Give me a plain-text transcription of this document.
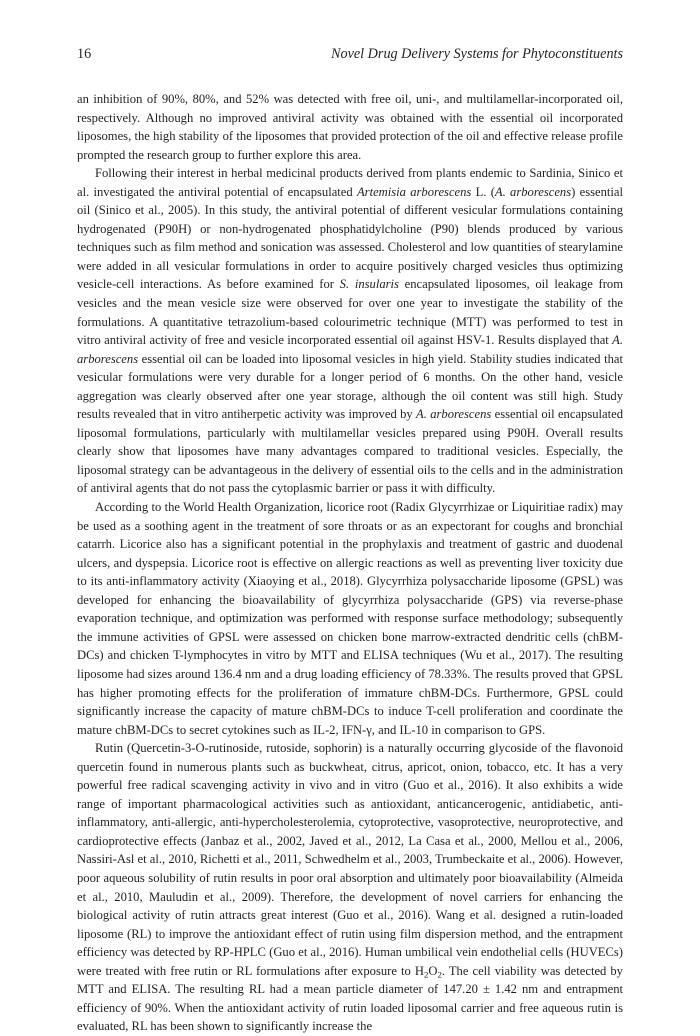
16	Novel Drug Delivery Systems for Phytoconstituents

an inhibition of 90%, 80%, and 52% was detected with free oil, uni-, and multilamellar-incorporated oil, respectively. Although no improved antiviral activity was obtained with the essential oil incorporated liposomes, the high stability of the liposomes that provided protection of the oil and effective release profile prompted the research group to further explore this area.

Following their interest in herbal medicinal products derived from plants endemic to Sardinia, Sinico et al. investigated the antiviral potential of encapsulated Artemisia arborescens L. (A. arborescens) essential oil (Sinico et al., 2005). In this study, the antiviral potential of different vesicular formulations containing hydrogenated (P90H) or non-hydrogenated phosphatidylcholine (P90) blends produced by various techniques such as film method and sonication was assessed. Cholesterol and low quantities of stearylamine were added in all vesicular formulations in order to acquire positively charged vesicles thus optimizing vesicle-cell interactions. As before examined for S. insularis encapsulated liposomes, oil leakage from vesicles and the mean vesicle size were observed for over one year to investigate the stability of the formulations. A quantitative tetrazolium-based colourimetric technique (MTT) was performed to test in vitro antiviral activity of free and vesicle incorporated essential oil against HSV-1. Results displayed that A. arborescens essential oil can be loaded into liposomal vesicles in high yield. Stability studies indicated that vesicular formulations were very durable for a longer period of 6 months. On the other hand, vesicle aggregation was clearly observed after one year storage, although the oil content was still high. Study results revealed that in vitro antiherpetic activity was improved by A. arborescens essential oil encapsulated liposomal formulations, particularly with multilamellar vesicles prepared using P90H. Overall results clearly show that liposomes have many advantages compared to traditional vesicles. Especially, the liposomal strategy can be advantageous in the delivery of essential oils to the cells and in the administration of antiviral agents that do not pass the cytoplasmic barrier or pass it with difficulty.

According to the World Health Organization, licorice root (Radix Glycyrrhizae or Liquiritiae radix) may be used as a soothing agent in the treatment of sore throats or as an expectorant for coughs and bronchial catarrh. Licorice also has a significant potential in the prophylaxis and treatment of gastric and duodenal ulcers, and dyspepsia. Licorice root is effective on allergic reactions as well as preventing liver toxicity due to its anti-inflammatory activity (Xiaoying et al., 2018). Glycyrrhiza polysaccharide liposome (GPSL) was developed for enhancing the bioavailability of glycyrrhiza polysaccharide (GPS) via reverse-phase evaporation technique, and optimization was performed with response surface methodology; subsequently the immune activities of GPSL were assessed on chicken bone marrow-extracted dendritic cells (chBM-DCs) and chicken T-lymphocytes in vitro by MTT and ELISA techniques (Wu et al., 2017). The resulting liposome had sizes around 136.4 nm and a drug loading efficiency of 78.33%. The results proved that GPSL has higher promoting effects for the proliferation of immature chBM-DCs. Furthermore, GPSL could significantly increase the capacity of mature chBM-DCs to induce T-cell proliferation and coordinate the mature chBM-DCs to secret cytokines such as IL-2, IFN-γ, and IL-10 in comparison to GPS.

Rutin (Quercetin-3-O-rutinoside, rutoside, sophorin) is a naturally occurring glycoside of the flavonoid quercetin found in numerous plants such as buckwheat, citrus, apricot, onion, tobacco, etc. It has a very powerful free radical scavenging activity in vivo and in vitro (Guo et al., 2016). It also exhibits a wide range of important pharmacological activities such as antioxidant, anticancerogenic, antidiabetic, anti-inflammatory, anti-allergic, anti-hypercholesterolemia, cytoprotective, vasoprotective, neuroprotective, and cardioprotective effects (Janbaz et al., 2002, Javed et al., 2012, La Casa et al., 2000, Mellou et al., 2006, Nassiri-Asl et al., 2010, Richetti et al., 2011, Schwedhelm et al., 2003, Trumbeckaite et al., 2006). However, poor aqueous solubility of rutin results in poor oral absorption and ultimately poor bioavailability (Almeida et al., 2010, Mauludin et al., 2009). Therefore, the development of novel carriers for enhancing the biological activity of rutin attracts great interest (Guo et al., 2016). Wang et al. designed a rutin-loaded liposome (RL) to improve the antioxidant effect of rutin using film dispersion method, and the entrapment efficiency was detected by RP-HPLC (Guo et al., 2016). Human umbilical vein endothelial cells (HUVECs) were treated with free rutin or RL formulations after exposure to $H_2O_2$. The cell viability was detected by MTT and ELISA. The resulting RL had a mean particle diameter of 147.20 ± 1.42 nm and entrapment efficiency of 90%. When the antioxidant activity of rutin loaded liposomal carrier and free aqueous rutin is evaluated, RL has been shown to significantly increase the
